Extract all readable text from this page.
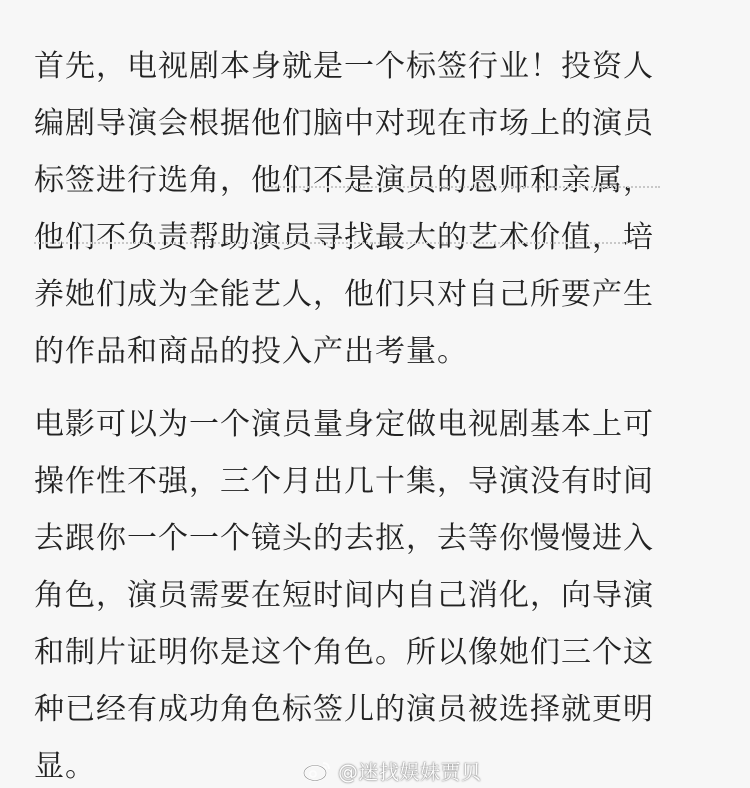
首先，电视剧本身就是一个标签行业！投资人
编剧导演会根据他们脑中对现在市场上的演员
标签进行选角，他们不是演员的恩师和亲属，
他们不负责帮助演员寻找最大的艺术价值，培
养她们成为全能艺人，他们只对自己所要产生
的作品和商品的投入产出考量。
电影可以为一个演员量身定做电视剧基本上可
操作性不强，三个月出几十集，导演没有时间
去跟你一个一个镜头的去抠，去等你慢慢进入
角色，演员需要在短时间内自己消化，向导演
和制片证明你是这个角色。所以像她们三个这
种已经有成功角色标签儿的演员被选择就更明
显。	@迷找娱妹贾贝
